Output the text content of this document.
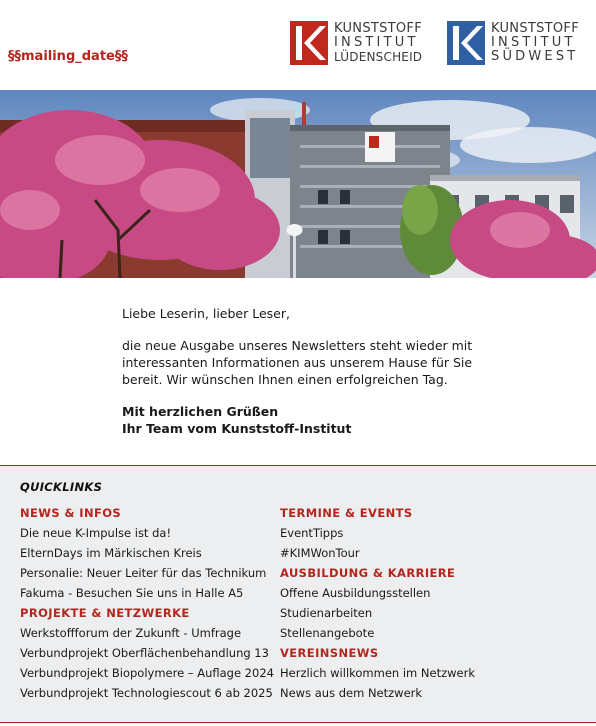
§§mailing_date§§
KUNSTSTOFF
INSTITUT
LÜDENSCHEID
KUNSTSTOFF
INSTITUT
SÜDWEST

Liebe Leserin, lieber Leser,

die neue Ausgabe unseres Newsletters steht wieder mit interessanten Informationen aus unserem Hause für Sie bereit. Wir wünschen Ihnen einen erfolgreichen Tag.

Mit herzlichen Grüßen
Ihr Team vom Kunststoff-Institut
QUICKLINKS
NEWS & INFOS
Die neue K-Impulse ist da!
ElternDays im Märkischen Kreis
Personalie: Neuer Leiter für das Technikum
Fakuma - Besuchen Sie uns in Halle A5
PROJEKTE & NETZWERKE
Werkstoffforum der Zukunft - Umfrage
Verbundprojekt Oberflächenbehandlung 13
Verbundprojekt Biopolymere – Auflage 2024
Verbundprojekt Technologiescout 6 ab 2025
TERMINE & EVENTS
EventTipps
#KIMWonTour
AUSBILDUNG & KARRIERE
Offene Ausbildungsstellen
Studienarbeiten
Stellenangebote
VEREINSNEWS
Herzlich willkommen im Netzwerk
News aus dem Netzwerk
